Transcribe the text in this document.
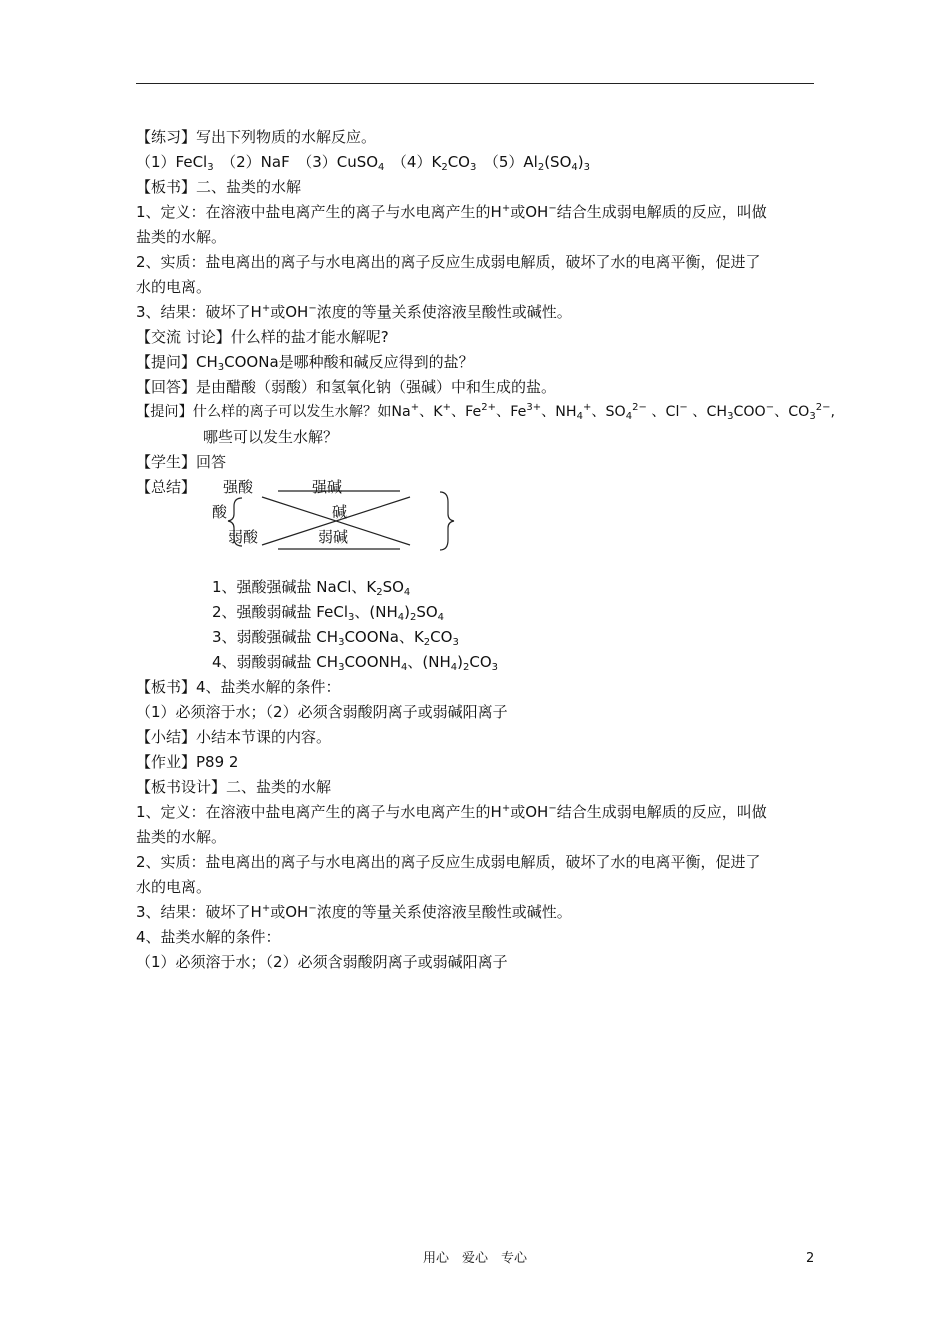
【练习】写出下列物质的水解反应。
（1）FeCl$_3$　（2）NaF　（3）CuSO$_4$　$(4)K_2CO_3$　$(5)Al_2(SO_4)_3$
【板书】二、盐类的水解
1、定义：在溶液中盐电离产生的离子与水电离产生的H+或OH−结合生成弱电解质的反应，叫做
盐类的水解。
2、实质：盐电离出的离子与水电离出的离子反应生成弱电解质，破坏了水的电离平衡，促进了
水的电离。
3、结果：破坏了H+或OH−浓度的等量关系使溶液呈酸性或碱性。
【交流 讨论】什么样的盐才能水解呢?
【提问】$CH_3COONa$是哪种酸和碱反应得到的盐？
【回答】是由醋酸（弱酸）和氢氧化钠（强碱）中和生成的盐。
【提问】什么样的离子可以发生水解？如Na+、K+、$Fe^{2+}$、$Fe^{3+}$、$NH_4^+$、$SO_4^{2-}$ 、Cl− 、$CH_3COO^-$、$CO_3^{2-}$,
哪些可以发生水解？
【学生】回答
【总结】 强酸	强碱
酸	碱
弱酸	弱碱
1、强酸强碱盐 NaCl、$K_2SO_4$
2、强酸弱碱盐 FeCl$_3$、$(NH_4)_2SO_4$
3、弱酸强碱盐 $CH_3COONa$、$K_2CO_3$
4、弱酸弱碱盐 $CH_3COONH_4$、$(NH_4)_2CO_3$
【板书】4、盐类水解的条件：
（1）必须溶于水；（2）必须含弱酸阴离子或弱碱阳离子
【小结】小结本节课的内容。
【作业】P89 2
【板书设计】二、盐类的水解
1、定义：在溶液中盐电离产生的离子与水电离产生的H+或OH−结合生成弱电解质的反应，叫做
盐类的水解。
2、实质：盐电离出的离子与水电离出的离子反应生成弱电解质，破坏了水的电离平衡，促进了
水的电离。
3、结果：破坏了H+或OH−浓度的等量关系使溶液呈酸性或碱性。
4、盐类水解的条件：
（1）必须溶于水；（2）必须含弱酸阴离子或弱碱阳离子
用心　爱心　专心	2
